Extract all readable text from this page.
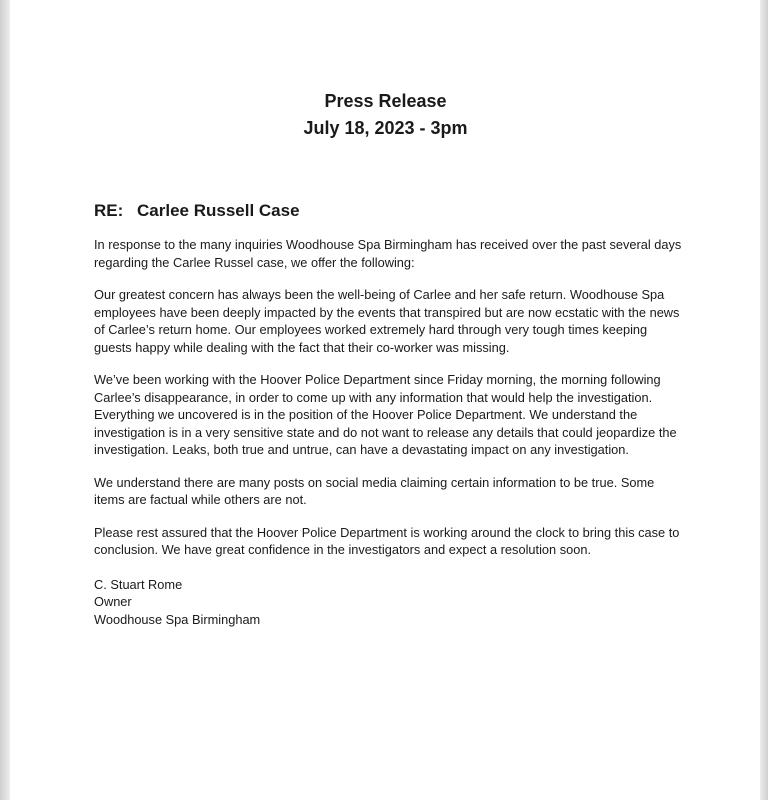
Press Release
July 18, 2023 - 3pm
RE: Carlee Russell Case

In response to the many inquiries Woodhouse Spa Birmingham has received over the past several days regarding the Carlee Russel case, we offer the following:

Our greatest concern has always been the well-being of Carlee and her safe return. Woodhouse Spa employees have been deeply impacted by the events that transpired but are now ecstatic with the news of Carlee’s return home. Our employees worked extremely hard through very tough times keeping guests happy while dealing with the fact that their co-worker was missing.

We’ve been working with the Hoover Police Department since Friday morning, the morning following Carlee’s disappearance, in order to come up with any information that would help the investigation. Everything we uncovered is in the position of the Hoover Police Department. We understand the investigation is in a very sensitive state and do not want to release any details that could jeopardize the investigation. Leaks, both true and untrue, can have a devastating impact on any investigation.

We understand there are many posts on social media claiming certain information to be true. Some items are factual while others are not.

Please rest assured that the Hoover Police Department is working around the clock to bring this case to conclusion. We have great confidence in the investigators and expect a resolution soon.

C. Stuart Rome
Owner
Woodhouse Spa Birmingham
